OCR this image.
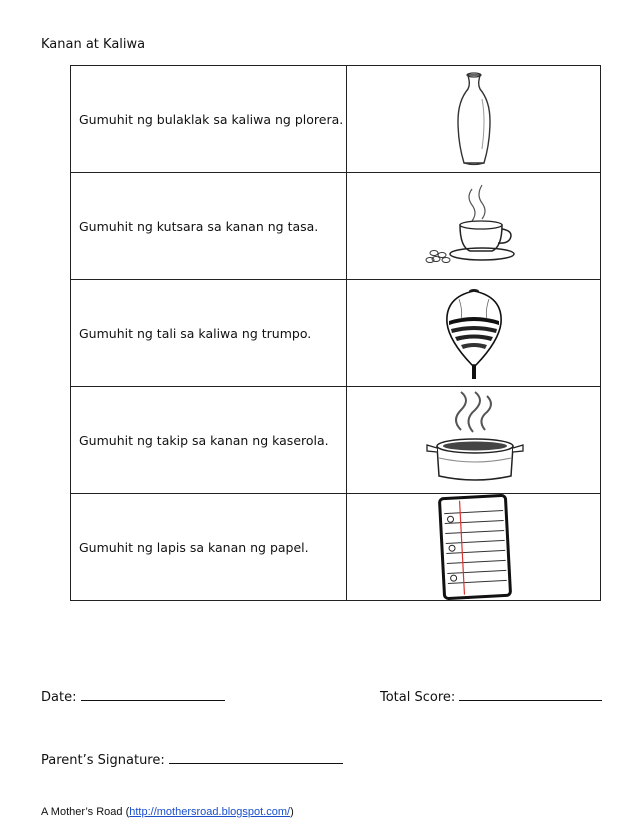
Kanan at Kaliwa
Gumuhit ng bulaklak sa kaliwa ng plorera.	

Gumuhit ng kutsara sa kanan ng tasa.	

Gumuhit ng tali sa kaliwa ng trumpo.	

Gumuhit ng takip sa kanan ng kaserola.	

Gumuhit ng lapis sa kanan ng papel.	
Date:	Total Score:
Parent’s Signature:
A Mother’s Road (http://mothersroad.blogspot.com/)
